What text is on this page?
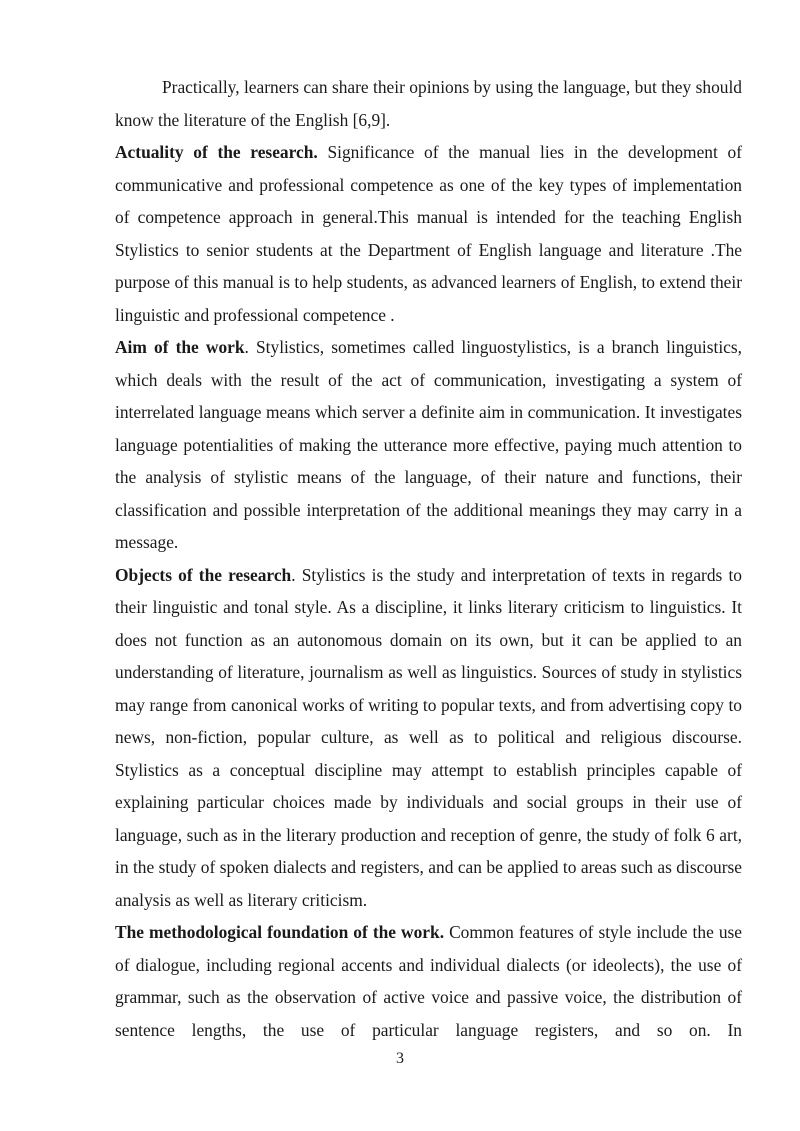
Practically, learners can share their opinions by using the language, but they should know the literature of the English [6,9].

Actuality of the research. Significance of the manual lies in the development of communicative and professional competence as one of the key types of implementation of competence approach in general.This manual is intended for the teaching English Stylistics to senior students at the Department of English language and literature .The purpose of this manual is to help students, as advanced learners of English, to extend their linguistic and professional competence .

Aim of the work. Stylistics, sometimes called linguostylistics, is a branch linguistics, which deals with the result of the act of communication, investigating a system of interrelated language means which server a definite aim in communication. It investigates language potentialities of making the utterance more effective, paying much attention to the analysis of stylistic means of the language, of their nature and functions, their classification and possible interpretation of the additional meanings they may carry in a message.

Objects of the research. Stylistics is the study and interpretation of texts in regards to their linguistic and tonal style. As a discipline, it links literary criticism to linguistics. It does not function as an autonomous domain on its own, but it can be applied to an understanding of literature, journalism as well as linguistics. Sources of study in stylistics may range from canonical works of writing to popular texts, and from advertising copy to news, non-fiction, popular culture, as well as to political and religious discourse. Stylistics as a conceptual discipline may attempt to establish principles capable of explaining particular choices made by individuals and social groups in their use of language, such as in the literary production and reception of genre, the study of folk 6 art, in the study of spoken dialects and registers, and can be applied to areas such as discourse analysis as well as literary criticism.

The methodological foundation of the work. Common features of style include the use of dialogue, including regional accents and individual dialects (or ideolects), the use of grammar, such as the observation of active voice and passive voice, the distribution of sentence lengths, the use of particular language registers, and so on. In

3
